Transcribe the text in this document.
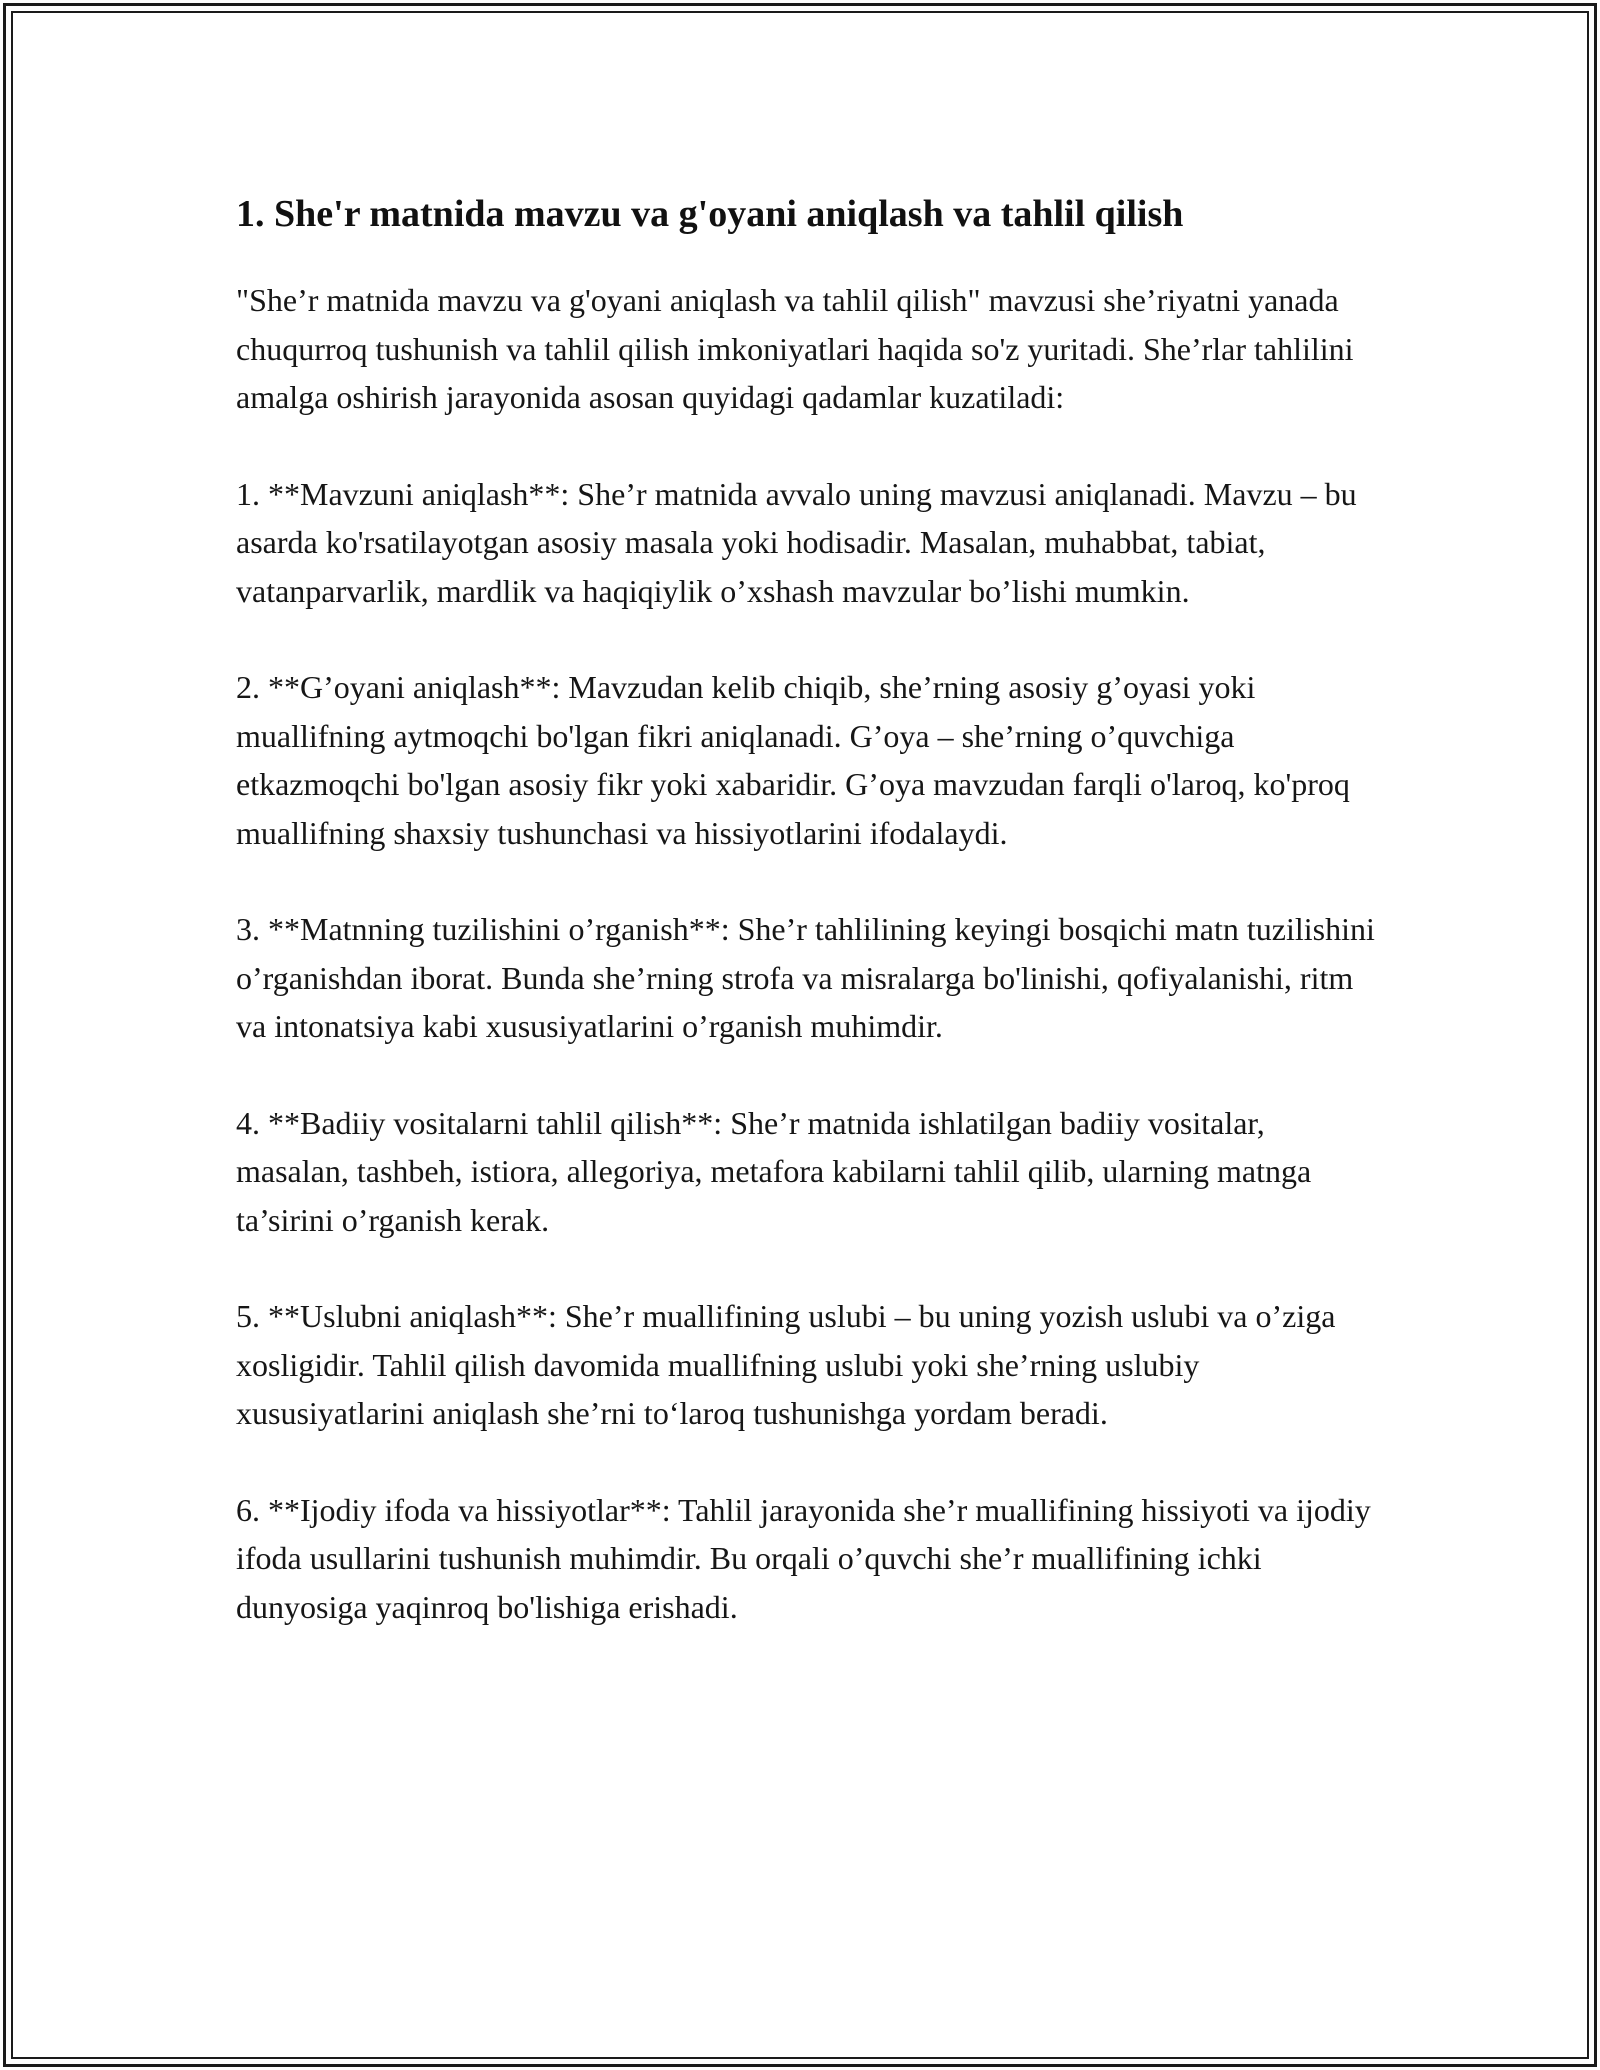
1. She'r matnida mavzu va g'oyani aniqlash va tahlil qilish

"She’r matnida mavzu va g'oyani aniqlash va tahlil qilish" mavzusi she’riyatni yanada chuqurroq tushunish va tahlil qilish imkoniyatlari haqida so'z yuritadi. She’rlar tahlilini amalga oshirish jarayonida asosan quyidagi qadamlar kuzatiladi:

1. **Mavzuni aniqlash**: She’r matnida avvalo uning mavzusi aniqlanadi. Mavzu – bu asarda ko'rsatilayotgan asosiy masala yoki hodisadir. Masalan, muhabbat, tabiat, vatanparvarlik, mardlik va haqiqiylik o’xshash mavzular bo’lishi mumkin.

2. **G’oyani aniqlash**: Mavzudan kelib chiqib, she’rning asosiy g’oyasi yoki muallifning aytmoqchi bo'lgan fikri aniqlanadi. G’oya – she’rning o’quvchiga etkazmoqchi bo'lgan asosiy fikr yoki xabaridir. G’oya mavzudan farqli o'laroq, ko'proq muallifning shaxsiy tushunchasi va hissiyotlarini ifodalaydi.

3. **Matnning tuzilishini o’rganish**: She’r tahlilining keyingi bosqichi matn tuzilishini o’rganishdan iborat. Bunda she’rning strofa va misralarga bo'linishi, qofiyalanishi, ritm va intonatsiya kabi xususiyatlarini o’rganish muhimdir.

4. **Badiiy vositalarni tahlil qilish**: She’r matnida ishlatilgan badiiy vositalar, masalan, tashbeh, istiora, allegoriya, metafora kabilarni tahlil qilib, ularning matnga ta’sirini o’rganish kerak.

5. **Uslubni aniqlash**: She’r muallifining uslubi – bu uning yozish uslubi va o’ziga xosligidir. Tahlil qilish davomida muallifning uslubi yoki she’rning uslubiy xususiyatlarini aniqlash she’rni to‘laroq tushunishga yordam beradi.

6. **Ijodiy ifoda va hissiyotlar**: Tahlil jarayonida she’r muallifining hissiyoti va ijodiy ifoda usullarini tushunish muhimdir. Bu orqali o’quvchi she’r muallifining ichki dunyosiga yaqinroq bo'lishiga erishadi.
